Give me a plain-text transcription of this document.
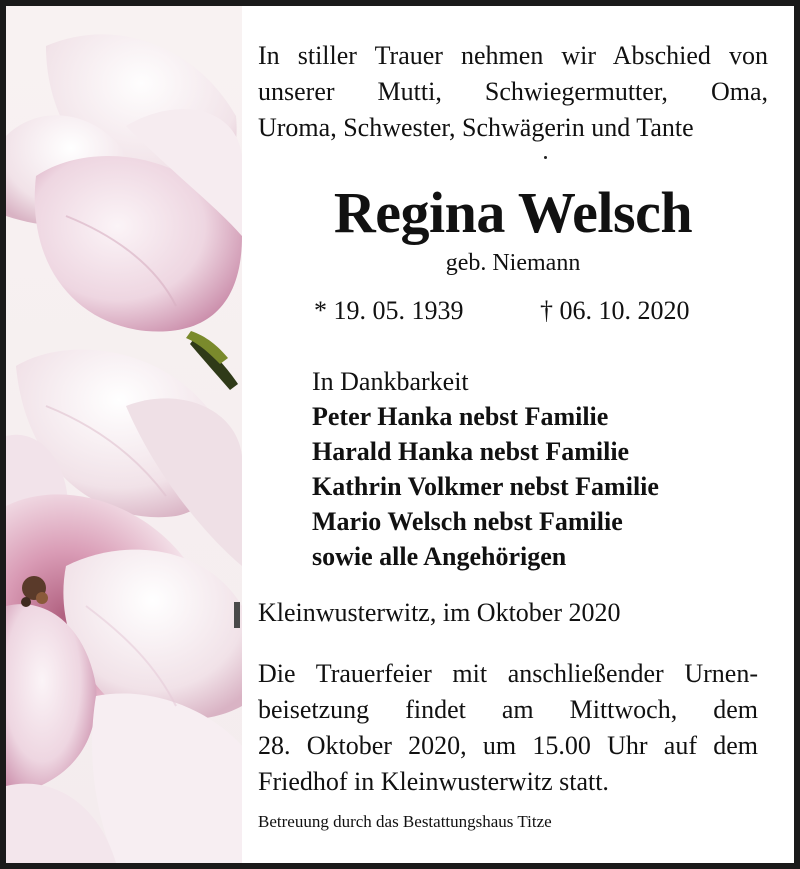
In stiller Trauer nehmen wir Abschied von
unserer Mutti, Schwiegermutter, Oma,
Uroma, Schwester, Schwägerin und Tante

Regina Welsch

geb. Niemann

* 19. 05. 1939	† 06. 10. 2020
In Dankbarkeit
Peter Hanka nebst Familie
Harald Hanka nebst Familie
Kathrin Volkmer nebst Familie
Mario Welsch nebst Familie
sowie alle Angehörigen

Kleinwusterwitz, im Oktober 2020

Die Trauerfeier mit anschließender Urnen-
beisetzung findet am Mittwoch, dem
28. Oktober 2020, um 15.00 Uhr auf dem
Friedhof in Kleinwusterwitz statt.

Betreuung durch das Bestattungshaus Titze
